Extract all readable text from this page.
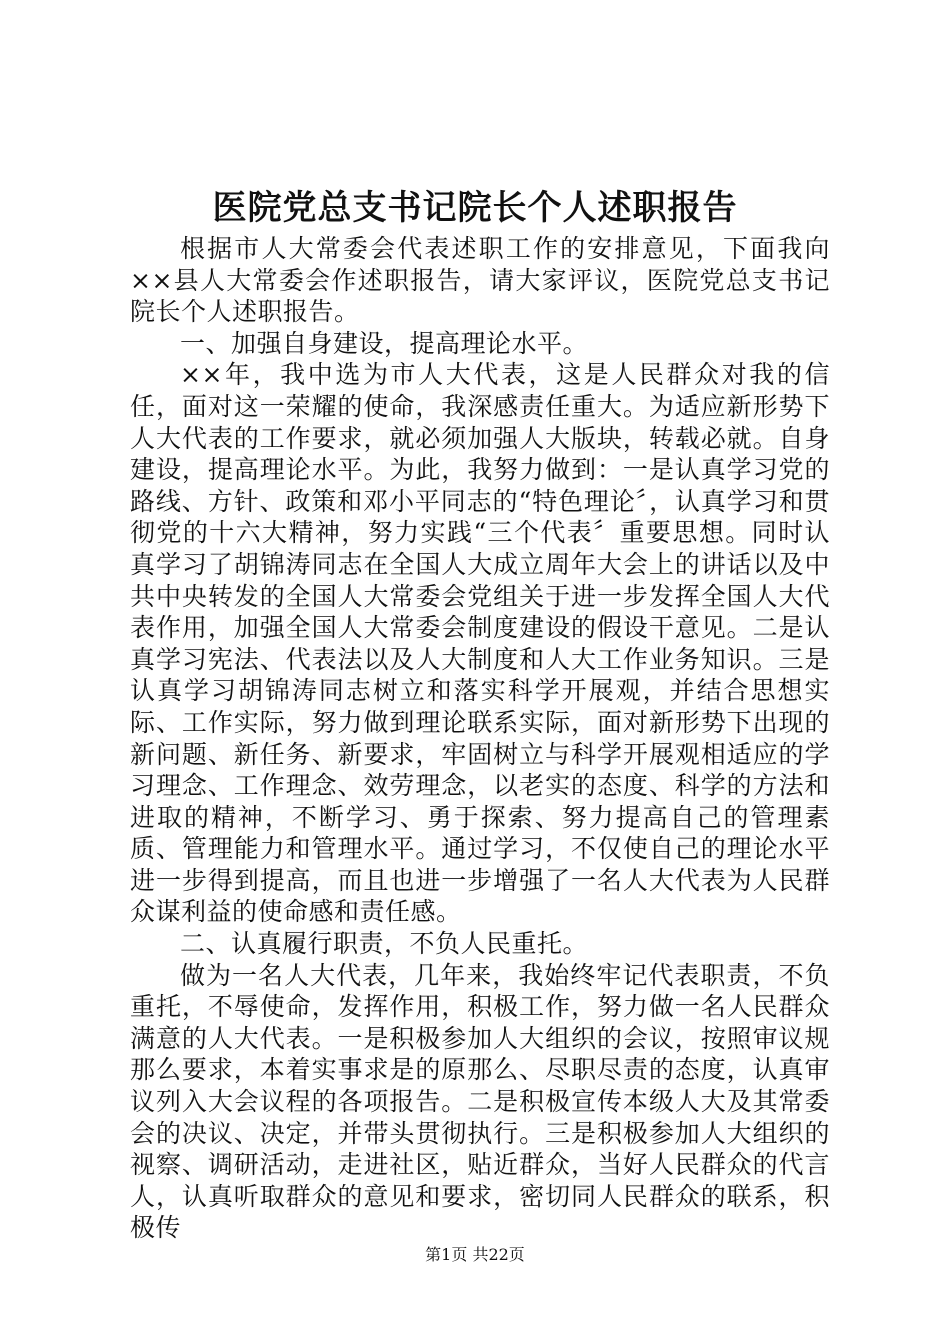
医院党总支书记院长个人述职报告

根据市人大常委会代表述职工作的安排意见，下面我向××县人大常委会作述职报告，请大家评议，医院党总支书记院长个人述职报告。

一、加强自身建设，提高理论水平。

××年，我中选为市人大代表，这是人民群众对我的信任，面对这一荣耀的使命，我深感责任重大。为适应新形势下人大代表的工作要求，就必须加强人大版块，转载必就。自身建设，提高理论水平。为此，我努力做到：一是认真学习党的路线、方针、政策和邓小平同志的“特色理论〞，认真学习和贯彻党的十六大精神，努力实践“三个代表〞重要思想。同时认真学习了胡锦涛同志在全国人大成立周年大会上的讲话以及中共中央转发的全国人大常委会党组关于进一步发挥全国人大代表作用，加强全国人大常委会制度建设的假设干意见。二是认真学习宪法、代表法以及人大制度和人大工作业务知识。三是认真学习胡锦涛同志树立和落实科学开展观，并结合思想实际、工作实际，努力做到理论联系实际，面对新形势下出现的新问题、新任务、新要求，牢固树立与科学开展观相适应的学习理念、工作理念、效劳理念，以老实的态度、科学的方法和进取的精神，不断学习、勇于探索、努力提高自己的管理素质、管理能力和管理水平。通过学习，不仅使自己的理论水平进一步得到提高，而且也进一步增强了一名人大代表为人民群众谋利益的使命感和责任感。

二、认真履行职责，不负人民重托。

做为一名人大代表，几年来，我始终牢记代表职责，不负重托，不辱使命，发挥作用，积极工作，努力做一名人民群众满意的人大代表。一是积极参加人大组织的会议，按照审议规那么要求，本着实事求是的原那么、尽职尽责的态度，认真审议列入大会议程的各项报告。二是积极宣传本级人大及其常委会的决议、决定，并带头贯彻执行。三是积极参加人大组织的视察、调研活动，走进社区，贴近群众，当好人民群众的代言人，认真听取群众的意见和要求，密切同人民群众的联系，积极传

第1页 共22页
